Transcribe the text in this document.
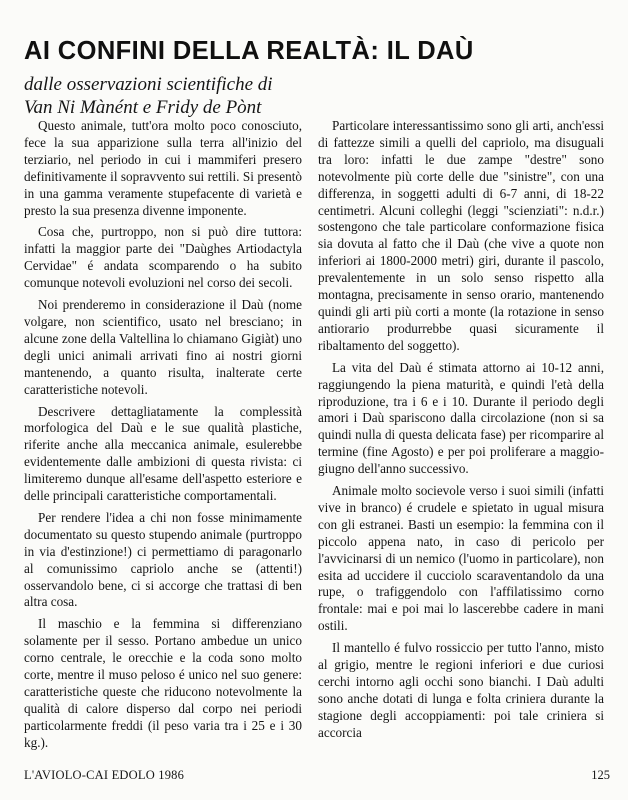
AI CONFINI DELLA REALTÀ: IL DAÙ
dalle osservazioni scientifiche di
Van Ni Mànént e Fridy de Pònt

Questo animale, tutt'ora molto poco conosciuto, fece la sua apparizione sulla terra all'inizio del terziario, nel periodo in cui i mammiferi presero definitivamente il sopravvento sui rettili. Si presentò in una gamma veramente stupefacente di varietà e presto la sua presenza divenne imponente.

Cosa che, purtroppo, non si può dire tuttora: infatti la maggior parte dei "Daùghes Artiodactyla Cervidae" é andata scomparendo o ha subito comunque notevoli evoluzioni nel corso dei secoli.

Noi prenderemo in considerazione il Daù (nome volgare, non scientifico, usato nel bresciano; in alcune zone della Valtellina lo chiamano Gigiàt) uno degli unici animali arrivati fino ai nostri giorni mantenendo, a quanto risulta, inalterate certe caratteristiche notevoli.

Descrivere dettagliatamente la complessità morfologica del Daù e le sue qualità plastiche, riferite anche alla meccanica animale, esulerebbe evidentemente dalle ambizioni di questa rivista: ci limiteremo dunque all'esame dell'aspetto esteriore e delle principali caratteristiche comportamentali.

Per rendere l'idea a chi non fosse minimamente documentato su questo stupendo animale (purtroppo in via d'estinzione!) ci permettiamo di paragonarlo al comunissimo capriolo anche se (attenti!) osservandolo bene, ci si accorge che trattasi di ben altra cosa.

Il maschio e la femmina si differenziano solamente per il sesso. Portano ambedue un unico corno centrale, le orecchie e la coda sono molto corte, mentre il muso peloso é unico nel suo genere: caratteristiche queste che riducono notevolmente la qualità di calore disperso dal corpo nei periodi particolarmente freddi (il peso varia tra i 25 e i 30 kg.).

Particolare interessantissimo sono gli arti, anch'essi di fattezze simili a quelli del capriolo, ma disuguali tra loro: infatti le due zampe "destre" sono notevolmente più corte delle due "sinistre", con una differenza, in soggetti adulti di 6-7 anni, di 18-22 centimetri. Alcuni colleghi (leggi "scienziati": n.d.r.) sostengono che tale particolare conformazione fisica sia dovuta al fatto che il Daù (che vive a quote non inferiori ai 1800-2000 metri) giri, durante il pascolo, prevalentemente in un solo senso rispetto alla montagna, precisamente in senso orario, mantenendo quindi gli arti più corti a monte (la rotazione in senso antiorario produrrebbe quasi sicuramente il ribaltamento del soggetto).

La vita del Daù é stimata attorno ai 10-12 anni, raggiungendo la piena maturità, e quindi l'età della riproduzione, tra i 6 e i 10. Durante il periodo degli amori i Daù spariscono dalla circolazione (non si sa quindi nulla di questa delicata fase) per ricomparire al termine (fine Agosto) e per poi proliferare a maggio-giugno dell'anno successivo.

Animale molto socievole verso i suoi simili (infatti vive in branco) é crudele e spietato in ugual misura con gli estranei. Basti un esempio: la femmina con il piccolo appena nato, in caso di pericolo per l'avvicinarsi di un nemico (l'uomo in particolare), non esita ad uccidere il cucciolo scaraventandolo da una rupe, o trafiggendolo con l'affilatissimo corno frontale: mai e poi mai lo lascerebbe cadere in mani ostili.

Il mantello é fulvo rossiccio per tutto l'anno, misto al grigio, mentre le regioni inferiori e due curiosi cerchi intorno agli occhi sono bianchi. I Daù adulti sono anche dotati di lunga e folta criniera durante la stagione degli accoppiamenti: poi tale criniera si accorcia

L'AVIOLO-CAI EDOLO 1986	125
